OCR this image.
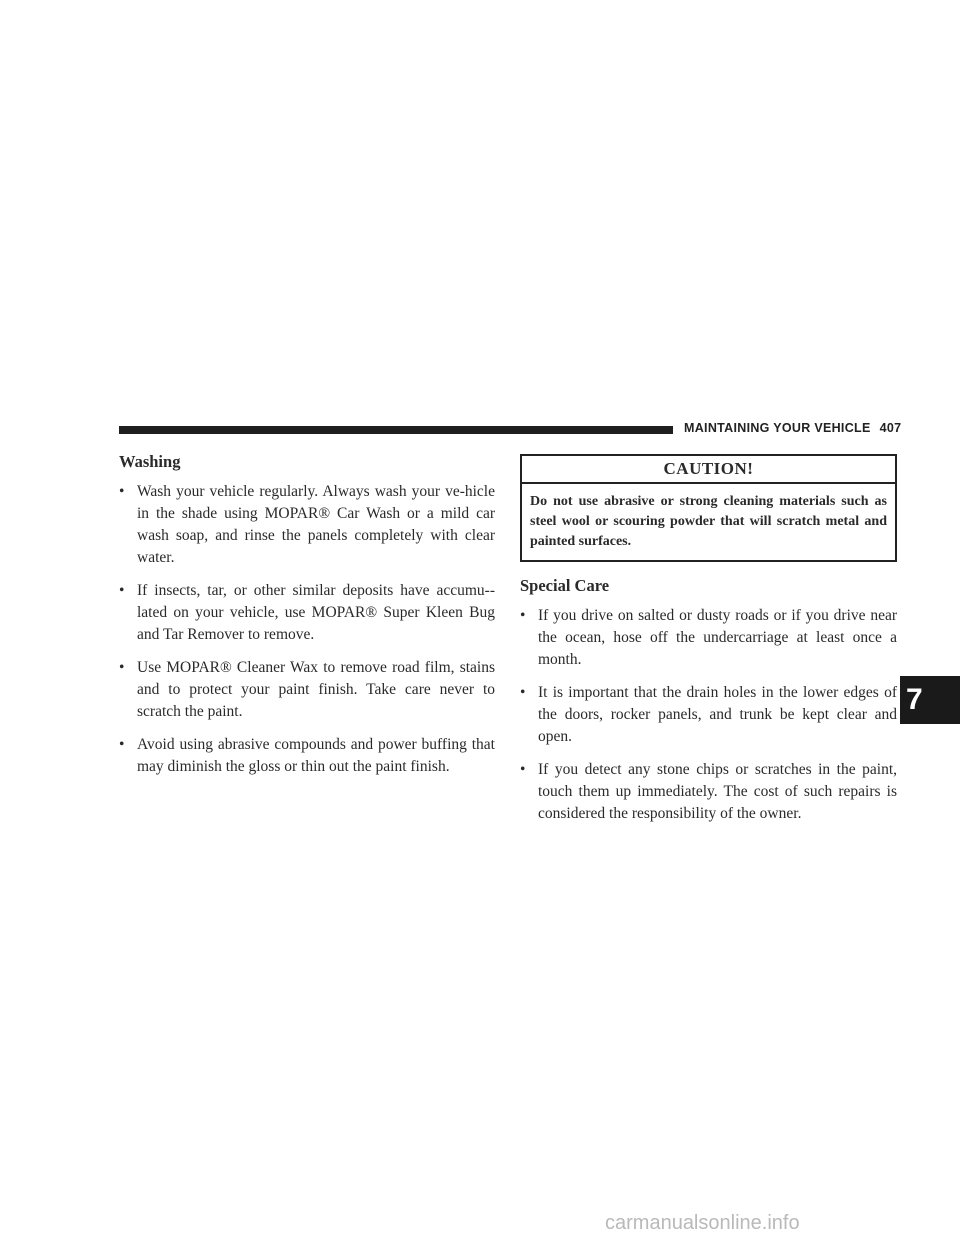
MAINTAINING YOUR VEHICLE 407
Washing
• Wash your vehicle regularly. Always wash your ve-hicle in the shade using MOPAR® Car Wash or a mild car wash soap, and rinse the panels completely with clear water.
• If insects, tar, or other similar deposits have accumu-lated on your vehicle, use MOPAR® Super Kleen Bug and Tar Remover to remove.
• Use MOPAR® Cleaner Wax to remove road film, stains and to protect your paint finish. Take care never to scratch the paint.
• Avoid using abrasive compounds and power buffing that may diminish the gloss or thin out the paint finish.
CAUTION!
Do not use abrasive or strong cleaning materials such as steel wool or scouring powder that will scratch metal and painted surfaces.
Special Care
• If you drive on salted or dusty roads or if you drive near the ocean, hose off the undercarriage at least once a month.
• It is important that the drain holes in the lower edges of the doors, rocker panels, and trunk be kept clear and open.
• If you detect any stone chips or scratches in the paint, touch them up immediately. The cost of such repairs is considered the responsibility of the owner.
7
carmanualsonline.info
